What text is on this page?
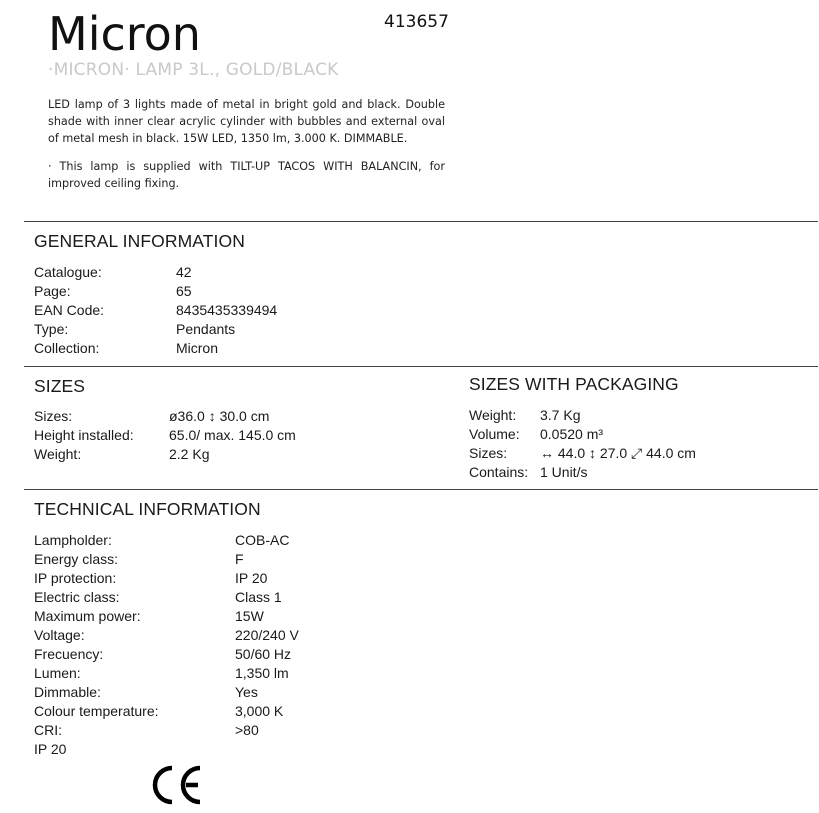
Micron	413657
·MICRON· LAMP 3L., GOLD/BLACK
LED lamp of 3 lights made of metal in bright gold and black. Double shade with inner clear acrylic cylinder with bubbles and external oval of metal mesh in black. 15W LED, 1350 lm, 3.000 K. DIMMABLE.
· This lamp is supplied with TILT-UP TACOS WITH BALANCIN, for improved ceiling fixing.
GENERAL INFORMATION
Catalogue:	42
Page:	65
EAN Code:	8435435339494
Type:	Pendants
Collection:	Micron
SIZES
Sizes:	ø36.0 ↕ 30.0 cm
Height installed:	65.0/ max. 145.0 cm
Weight:	2.2 Kg
SIZES WITH PACKAGING
Weight:	3.7 Kg
Volume:	0.0520 m³
Sizes:	↔ 44.0 ↕ 27.0 ⤢ 44.0 cm
Contains: 1 Unit/s
TECHNICAL INFORMATION
Lampholder:	COB-AC
Energy class:	F
IP protection:	IP 20
Electric class:	Class 1
Maximum power:	15W
Voltage:	220/240 V
Frecuency:	50/60 Hz
Lumen:	1,350 lm
Dimmable:	Yes
Colour temperature:	3,000 K
CRI:	>80
IP 20
